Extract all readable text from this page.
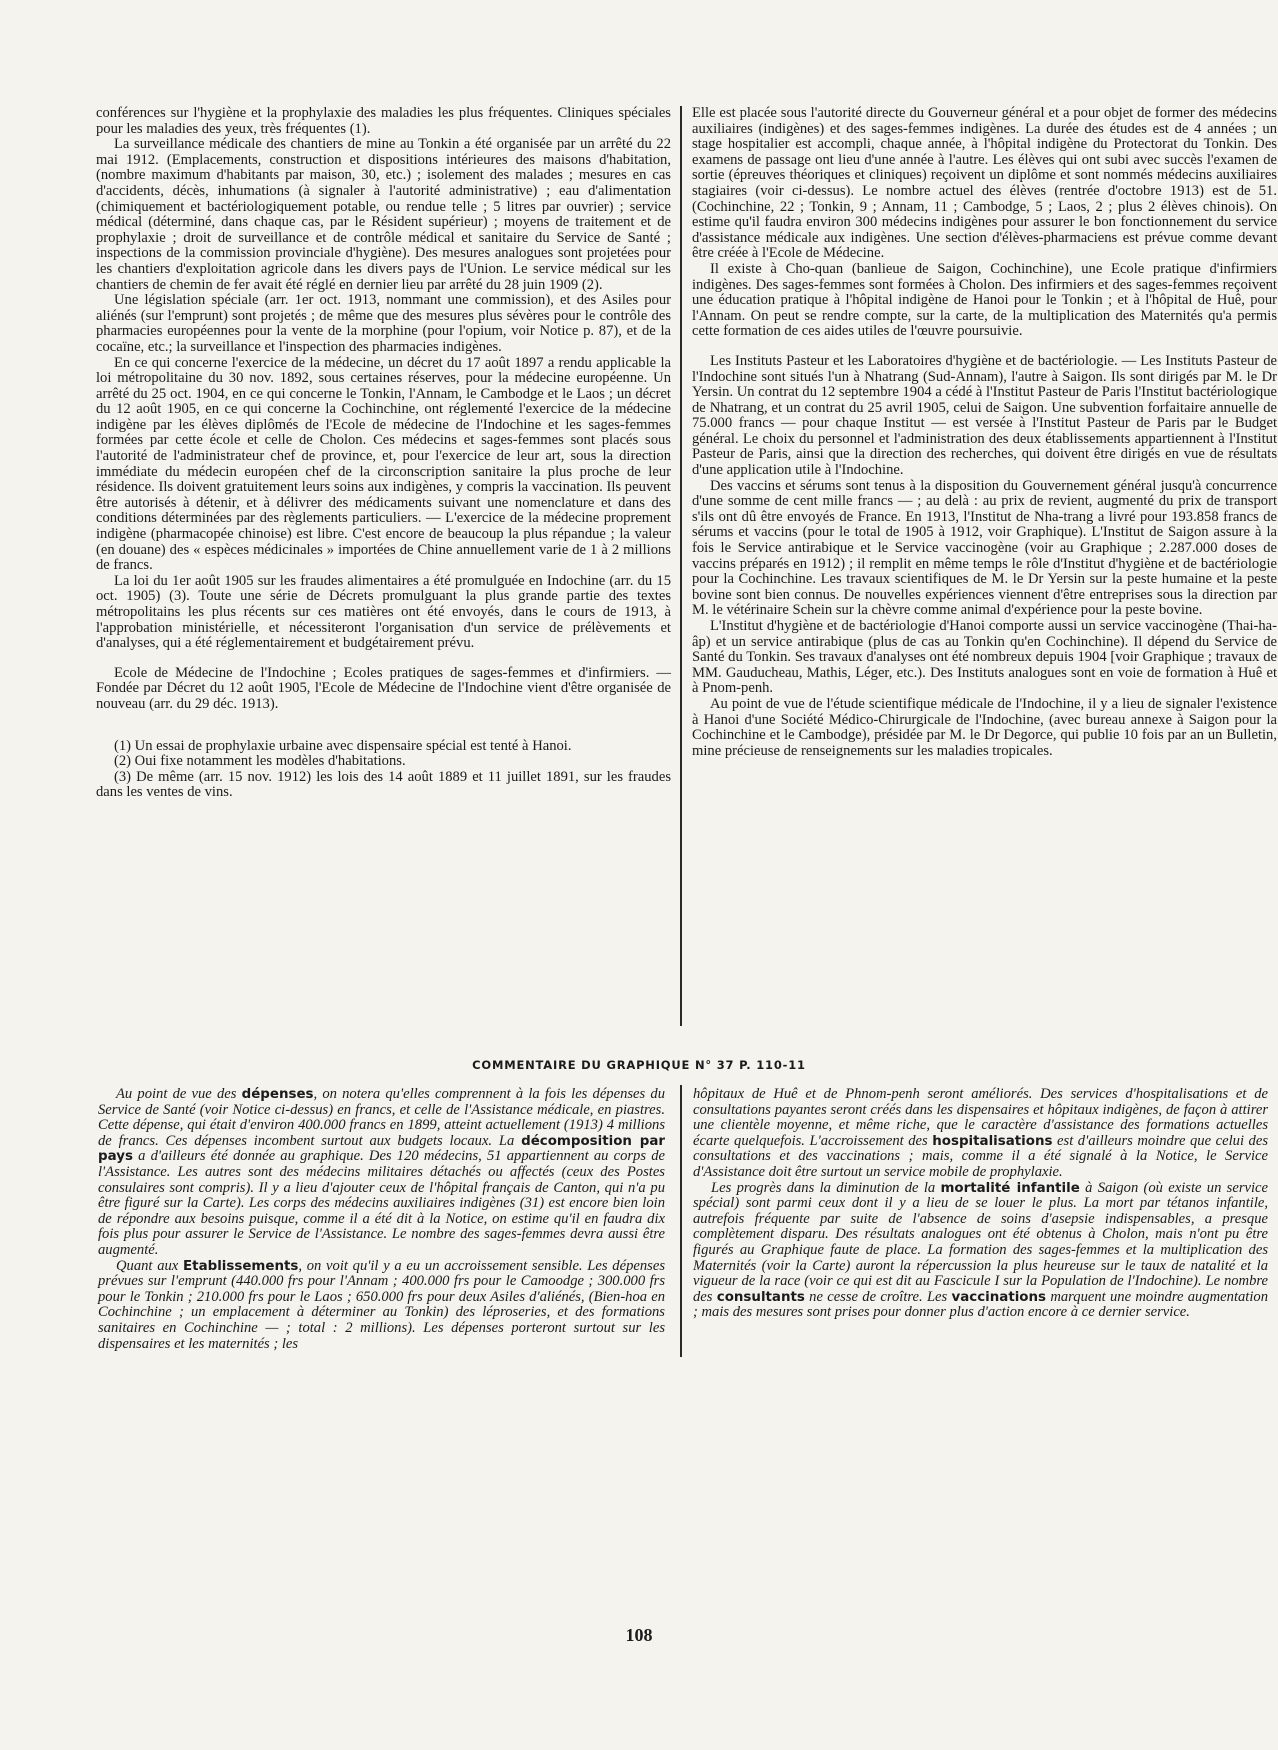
conférences sur l'hygiène et la prophylaxie des maladies les plus fréquentes. Cliniques spéciales pour les maladies des yeux, très fréquentes (1).

La surveillance médicale des chantiers de mine au Tonkin a été organisée par un arrêté du 22 mai 1912. (Emplacements, construction et dispositions intérieures des maisons d'habitation, (nombre maximum d'habitants par maison, 30, etc.) ; isolement des malades ; mesures en cas d'accidents, décès, inhumations (à signaler à l'autorité administrative) ; eau d'alimentation (chimiquement et bactériologiquement potable, ou rendue telle ; 5 litres par ouvrier) ; service médical (déterminé, dans chaque cas, par le Résident supérieur) ; moyens de traitement et de prophylaxie ; droit de surveillance et de contrôle médical et sanitaire du Service de Santé ; inspections de la commission provinciale d'hygiène). Des mesures analogues sont projetées pour les chantiers d'exploitation agricole dans les divers pays de l'Union. Le service médical sur les chantiers de chemin de fer avait été réglé en dernier lieu par arrêté du 28 juin 1909 (2).

Une législation spéciale (arr. 1er oct. 1913, nommant une commission), et des Asiles pour aliénés (sur l'emprunt) sont projetés ; de même que des mesures plus sévères pour le contrôle des pharmacies européennes pour la vente de la morphine (pour l'opium, voir Notice p. 87), et de la cocaïne, etc.; la surveillance et l'inspection des pharmacies indigènes.

En ce qui concerne l'exercice de la médecine, un décret du 17 août 1897 a rendu applicable la loi métropolitaine du 30 nov. 1892, sous certaines réserves, pour la médecine européenne. Un arrêté du 25 oct. 1904, en ce qui concerne le Tonkin, l'Annam, le Cambodge et le Laos ; un décret du 12 août 1905, en ce qui concerne la Cochinchine, ont réglementé l'exercice de la médecine indigène par les élèves diplômés de l'Ecole de médecine de l'Indochine et les sages-femmes formées par cette école et celle de Cholon. Ces médecins et sages-femmes sont placés sous l'autorité de l'administrateur chef de province, et, pour l'exercice de leur art, sous la direction immédiate du médecin européen chef de la circonscription sanitaire la plus proche de leur résidence. Ils doivent gratuitement leurs soins aux indigènes, y compris la vaccination. Ils peuvent être autorisés à détenir, et à délivrer des médicaments suivant une nomenclature et dans des conditions déterminées par des règlements particuliers. — L'exercice de la médecine proprement indigène (pharmacopée chinoise) est libre. C'est encore de beaucoup la plus répandue ; la valeur (en douane) des « espèces médicinales » importées de Chine annuellement varie de 1 à 2 millions de francs.

La loi du 1er août 1905 sur les fraudes alimentaires a été promulguée en Indochine (arr. du 15 oct. 1905) (3). Toute une série de Décrets promulguant la plus grande partie des textes métropolitains les plus récents sur ces matières ont été envoyés, dans le cours de 1913, à l'approbation ministérielle, et nécessiteront l'organisation d'un service de prélèvements et d'analyses, qui a été réglementairement et budgétairement prévu.

Ecole de Médecine de l'Indochine ; Ecoles pratiques de sages-femmes et d'infirmiers. — Fondée par Décret du 12 août 1905, l'Ecole de Médecine de l'Indochine vient d'être organisée de nouveau (arr. du 29 déc. 1913).

(1) Un essai de prophylaxie urbaine avec dispensaire spécial est tenté à Hanoi.

(2) Oui fixe notamment les modèles d'habitations.

(3) De même (arr. 15 nov. 1912) les lois des 14 août 1889 et 11 juillet 1891, sur les fraudes dans les ventes de vins.

Elle est placée sous l'autorité directe du Gouverneur général et a pour objet de former des médecins auxiliaires (indigènes) et des sages-femmes indigènes. La durée des études est de 4 années ; un stage hospitalier est accompli, chaque année, à l'hôpital indigène du Protectorat du Tonkin. Des examens de passage ont lieu d'une année à l'autre. Les élèves qui ont subi avec succès l'examen de sortie (épreuves théoriques et cliniques) reçoivent un diplôme et sont nommés médecins auxiliaires stagiaires (voir ci-dessus). Le nombre actuel des élèves (rentrée d'octobre 1913) est de 51. (Cochinchine, 22 ; Tonkin, 9 ; Annam, 11 ; Cambodge, 5 ; Laos, 2 ; plus 2 élèves chinois). On estime qu'il faudra environ 300 médecins indigènes pour assurer le bon fonctionnement du service d'assistance médicale aux indigènes. Une section d'élèves-pharmaciens est prévue comme devant être créée à l'Ecole de Médecine.

Il existe à Cho-quan (banlieue de Saigon, Cochinchine), une Ecole pratique d'infirmiers indigènes. Des sages-femmes sont formées à Cholon. Des infirmiers et des sages-femmes reçoivent une éducation pratique à l'hôpital indigène de Hanoi pour le Tonkin ; et à l'hôpital de Huê, pour l'Annam. On peut se rendre compte, sur la carte, de la multiplication des Maternités qu'a permis cette formation de ces aides utiles de l'œuvre poursuivie.

Les Instituts Pasteur et les Laboratoires d'hygiène et de bactériologie. — Les Instituts Pasteur de l'Indochine sont situés l'un à Nhatrang (Sud-Annam), l'autre à Saigon. Ils sont dirigés par M. le Dr Yersin. Un contrat du 12 septembre 1904 a cédé à l'Institut Pasteur de Paris l'Institut bactériologique de Nhatrang, et un contrat du 25 avril 1905, celui de Saigon. Une subvention forfaitaire annuelle de 75.000 francs — pour chaque Institut — est versée à l'Institut Pasteur de Paris par le Budget général. Le choix du personnel et l'administration des deux établissements appartiennent à l'Institut Pasteur de Paris, ainsi que la direction des recherches, qui doivent être dirigés en vue de résultats d'une application utile à l'Indochine.

Des vaccins et sérums sont tenus à la disposition du Gouvernement général jusqu'à concurrence d'une somme de cent mille francs — ; au delà : au prix de revient, augmenté du prix de transport s'ils ont dû être envoyés de France. En 1913, l'Institut de Nha-trang a livré pour 193.858 francs de sérums et vaccins (pour le total de 1905 à 1912, voir Graphique). L'Institut de Saigon assure à la fois le Service antirabique et le Service vaccinogène (voir au Graphique ; 2.287.000 doses de vaccins préparés en 1912) ; il remplit en même temps le rôle d'Institut d'hygiène et de bactériologie pour la Cochinchine. Les travaux scientifiques de M. le Dr Yersin sur la peste humaine et la peste bovine sont bien connus. De nouvelles expériences viennent d'être entreprises sous la direction par M. le vétérinaire Schein sur la chèvre comme animal d'expérience pour la peste bovine.

L'Institut d'hygiène et de bactériologie d'Hanoi comporte aussi un service vaccinogène (Thai-ha-âp) et un service antirabique (plus de cas au Tonkin qu'en Cochinchine). Il dépend du Service de Santé du Tonkin. Ses travaux d'analyses ont été nombreux depuis 1904 [voir Graphique ; travaux de MM. Gauducheau, Mathis, Léger, etc.). Des Instituts analogues sont en voie de formation à Huê et à Pnom-penh.

Au point de vue de l'étude scientifique médicale de l'Indochine, il y a lieu de signaler l'existence à Hanoi d'une Société Médico-Chirurgicale de l'Indochine, (avec bureau annexe à Saigon pour la Cochinchine et le Cambodge), présidée par M. le Dr Degorce, qui publie 10 fois par an un Bulletin, mine précieuse de renseignements sur les maladies tropicales.

COMMENTAIRE DU GRAPHIQUE N° 37 P. 110-11

Au point de vue des dépenses, on notera qu'elles comprennent à la fois les dépenses du Service de Santé (voir Notice ci-dessus) en francs, et celle de l'Assistance médicale, en piastres. Cette dépense, qui était d'environ 400.000 francs en 1899, atteint actuellement (1913) 4 millions de francs. Ces dépenses incombent surtout aux budgets locaux. La décomposition par pays a d'ailleurs été donnée au graphique. Des 120 médecins, 51 appartiennent au corps de l'Assistance. Les autres sont des médecins militaires détachés ou affectés (ceux des Postes consulaires sont compris). Il y a lieu d'ajouter ceux de l'hôpital français de Canton, qui n'a pu être figuré sur la Carte). Les corps des médecins auxiliaires indigènes (31) est encore bien loin de répondre aux besoins puisque, comme il a été dit à la Notice, on estime qu'il en faudra dix fois plus pour assurer le Service de l'Assistance. Le nombre des sages-femmes devra aussi être augmenté.

Quant aux Etablissements, on voit qu'il y a eu un accroissement sensible. Les dépenses prévues sur l'emprunt (440.000 frs pour l'Annam ; 400.000 frs pour le Camoodge ; 300.000 frs pour le Tonkin ; 210.000 frs pour le Laos ; 650.000 frs pour deux Asiles d'aliénés, (Bien-hoa en Cochinchine ; un emplacement à déterminer au Tonkin) des léproseries, et des formations sanitaires en Cochinchine — ; total : 2 millions). Les dépenses porteront surtout sur les dispensaires et les maternités ; les

hôpitaux de Huê et de Phnom-penh seront améliorés. Des services d'hospitalisations et de consultations payantes seront créés dans les dispensaires et hôpitaux indigènes, de façon à attirer une clientèle moyenne, et même riche, que le caractère d'assistance des formations actuelles écarte quelquefois. L'accroissement des hospitalisations est d'ailleurs moindre que celui des consultations et des vaccinations ; mais, comme il a été signalé à la Notice, le Service d'Assistance doit être surtout un service mobile de prophylaxie.

Les progrès dans la diminution de la mortalité infantile à Saigon (où existe un service spécial) sont parmi ceux dont il y a lieu de se louer le plus. La mort par tétanos infantile, autrefois fréquente par suite de l'absence de soins d'asepsie indispensables, a presque complètement disparu. Des résultats analogues ont été obtenus à Cholon, mais n'ont pu être figurés au Graphique faute de place. La formation des sages-femmes et la multiplication des Maternités (voir la Carte) auront la répercussion la plus heureuse sur le taux de natalité et la vigueur de la race (voir ce qui est dit au Fascicule I sur la Population de l'Indochine). Le nombre des consultants ne cesse de croître. Les vaccinations marquent une moindre augmentation ; mais des mesures sont prises pour donner plus d'action encore à ce dernier service.

108
